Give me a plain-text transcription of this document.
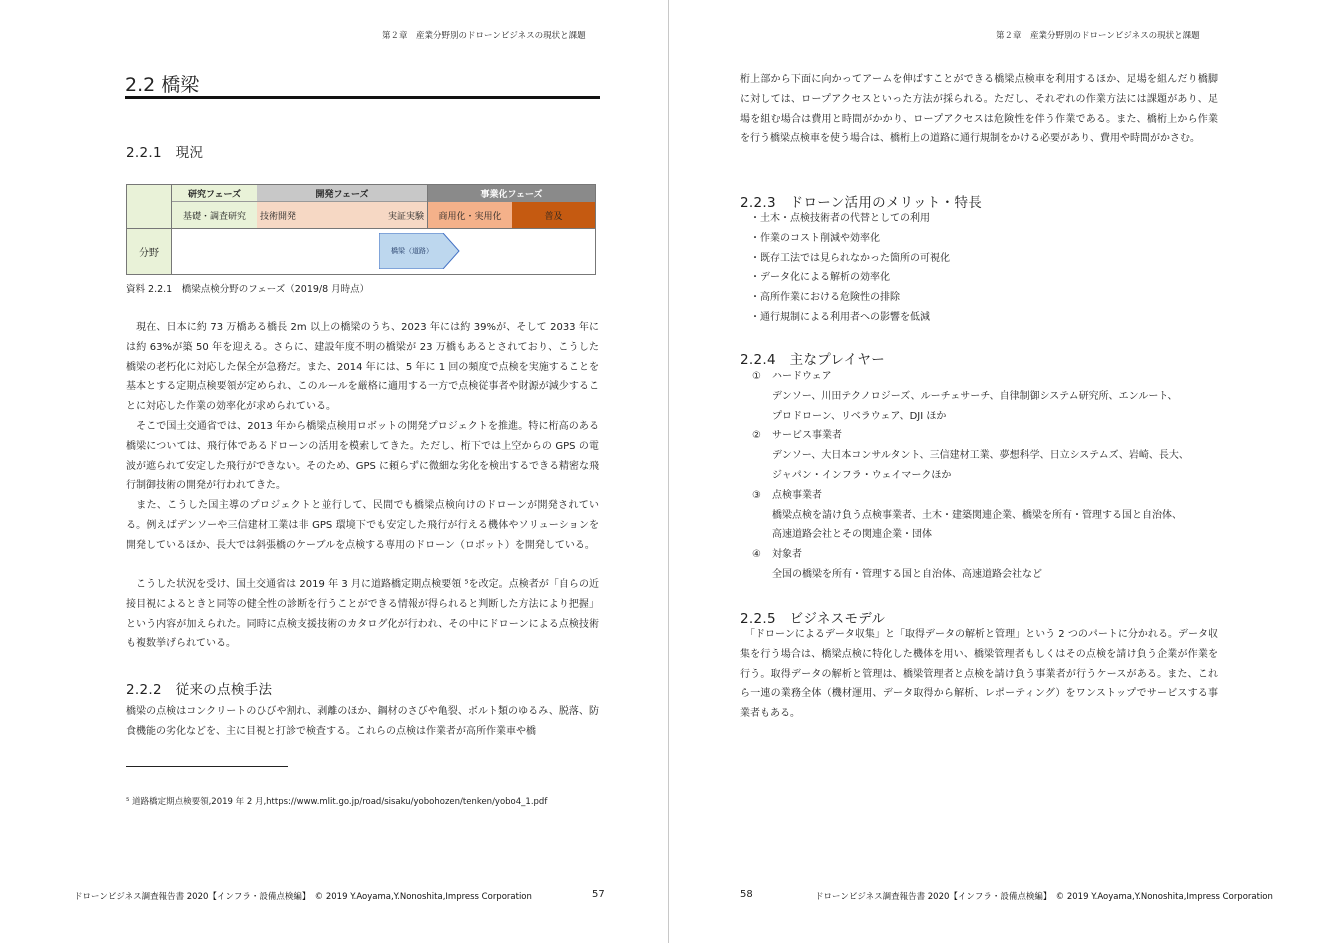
第２章　産業分野別のドローンビジネスの現状と課題
2.2 橋梁
2.2.1　現況
研究フェーズ	開発フェーズ	事業化フェーズ
基礎・調査研究	技術開発	実証実験	商用化・実用化	普及
分野	橋梁（道路）
資料 2.2.1　橋梁点検分野のフェーズ（2019/8 月時点）

　現在、日本に約 73 万橋ある橋長 2m 以上の橋梁のうち、2023 年には約 39%が、そして 2033 年には約 63%が築 50 年を迎える。さらに、建設年度不明の橋梁が 23 万橋もあるとされており、こうした橋梁の老朽化に対応した保全が急務だ。また、2014 年には、5 年に 1 回の頻度で点検を実施することを基本とする定期点検要領が定められ、このルールを厳格に適用する一方で点検従事者や財源が減少することに対応した作業の効率化が求められている。

　そこで国土交通省では、2013 年から橋梁点検用ロボットの開発プロジェクトを推進。特に桁高のある橋梁については、飛行体であるドローンの活用を模索してきた。ただし、桁下では上空からの GPS の電波が遮られて安定した飛行ができない。そのため、GPS に頼らずに微細な劣化を検出するできる精密な飛行制御技術の開発が行われてきた。

　また、こうした国主導のプロジェクトと並行して、民間でも橋梁点検向けのドローンが開発されている。例えばデンソーや三信建材工業は非 GPS 環境下でも安定した飛行が行える機体やソリューションを開発しているほか、長大では斜張橋のケーブルを点検する専用のドローン（ロボット）を開発している。

　こうした状況を受け、国土交通省は 2019 年 3 月に道路橋定期点検要領 ⁵を改定。点検者が「自らの近接目視によるときと同等の健全性の診断を行うことができる情報が得られると判断した方法により把握」という内容が加えられた。同時に点検支援技術のカタログ化が行われ、その中にドローンによる点検技術も複数挙げられている。

2.2.2　従来の点検手法

橋梁の点検はコンクリートのひびや割れ、剥離のほか、鋼材のさびや亀裂、ボルト類のゆるみ、脱落、防食機能の劣化などを、主に目視と打診で検査する。これらの点検は作業者が高所作業車や橋

⁵ 道路橋定期点検要領,2019 年 2 月,https://www.mlit.go.jp/road/sisaku/yobohozen/tenken/yobo4_1.pdf
ドローンビジネス調査報告書 2020【インフラ・設備点検編】　© 2019 Y.Aoyama,Y.Nonoshita,Impress Corporation	57
第２章　産業分野別のドローンビジネスの現状と課題

桁上部から下面に向かってアームを伸ばすことができる橋梁点検車を利用するほか、足場を組んだり橋脚に対しては、ロープアクセスといった方法が採られる。ただし、それぞれの作業方法には課題があり、足場を組む場合は費用と時間がかかり、ロープアクセスは危険性を伴う作業である。また、橋桁上から作業を行う橋梁点検車を使う場合は、橋桁上の道路に通行規制をかける必要があり、費用や時間がかさむ。

2.2.3　ドローン活用のメリット・特長
・土木・点検技術者の代替としての利用
・作業のコスト削減や効率化
・既存工法では見られなかった箇所の可視化
・データ化による解析の効率化
・高所作業における危険性の排除
・通行規制による利用者への影響を低減
2.2.4　主なプレイヤー
① ハードウェア
デンソー、川田テクノロジーズ、ルーチェサーチ、自律制御システム研究所、エンルート、
プロドローン、リベラウェア、DJI ほか
② サービス事業者
デンソー、大日本コンサルタント、三信建材工業、夢想科学、日立システムズ、岩崎、長大、
ジャパン・インフラ・ウェイマークほか
③ 点検事業者
橋梁点検を請け負う点検事業者、土木・建築関連企業、橋梁を所有・管理する国と自治体、
高速道路会社とその関連企業・団体
④ 対象者
全国の橋梁を所有・管理する国と自治体、高速道路会社など
2.2.5　ビジネスモデル

　「ドローンによるデータ収集」と「取得データの解析と管理」という 2 つのパートに分かれる。データ収集を行う場合は、橋梁点検に特化した機体を用い、橋梁管理者もしくはその点検を請け負う企業が作業を行う。取得データの解析と管理は、橋梁管理者と点検を請け負う事業者が行うケースがある。また、これら一連の業務全体（機材運用、データ取得から解析、レポーティング）をワンストップでサービスする事業者もある。

58	ドローンビジネス調査報告書 2020【インフラ・設備点検編】　© 2019 Y.Aoyama,Y.Nonoshita,Impress Corporation
